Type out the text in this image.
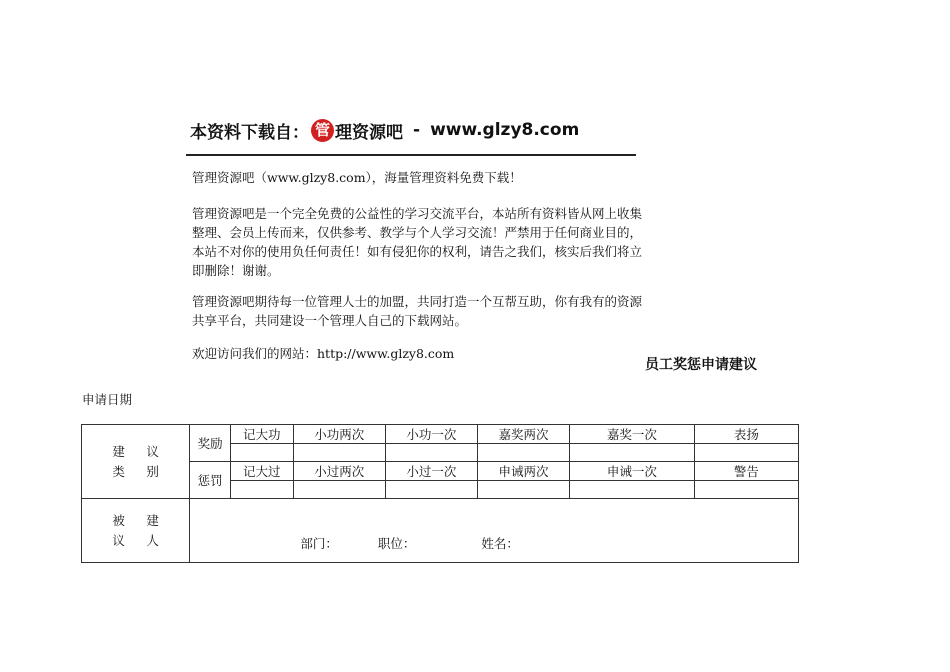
本资料下载自： 管 理资源吧 - www.glzy8.com

管理资源吧（www.glzy8.com），海量管理资料免费下载！

管理资源吧是一个完全免费的公益性的学习交流平台，本站所有资料皆从网上收集整理、会员上传而来，仅供参考、教学与个人学习交流！严禁用于任何商业目的，本站不对你的使用负任何责任！如有侵犯你的权利，请告之我们，核实后我们将立即删除！谢谢。

管理资源吧期待每一位管理人士的加盟，共同打造一个互帮互助，你有我有的资源共享平台，共同建设一个管理人自己的下载网站。

欢迎访问我们的网站：http://www.glzy8.com

员工奖惩申请建议
申请日期
建 议
类 别	奖励	记大功	小功两次	小功一次	嘉奖两次	嘉奖一次	表扬

	惩罚	记大过	小过两次	小过一次	申诫两次	申诫一次	警告

被 建
议 人	部门： 职位： 姓名：						
